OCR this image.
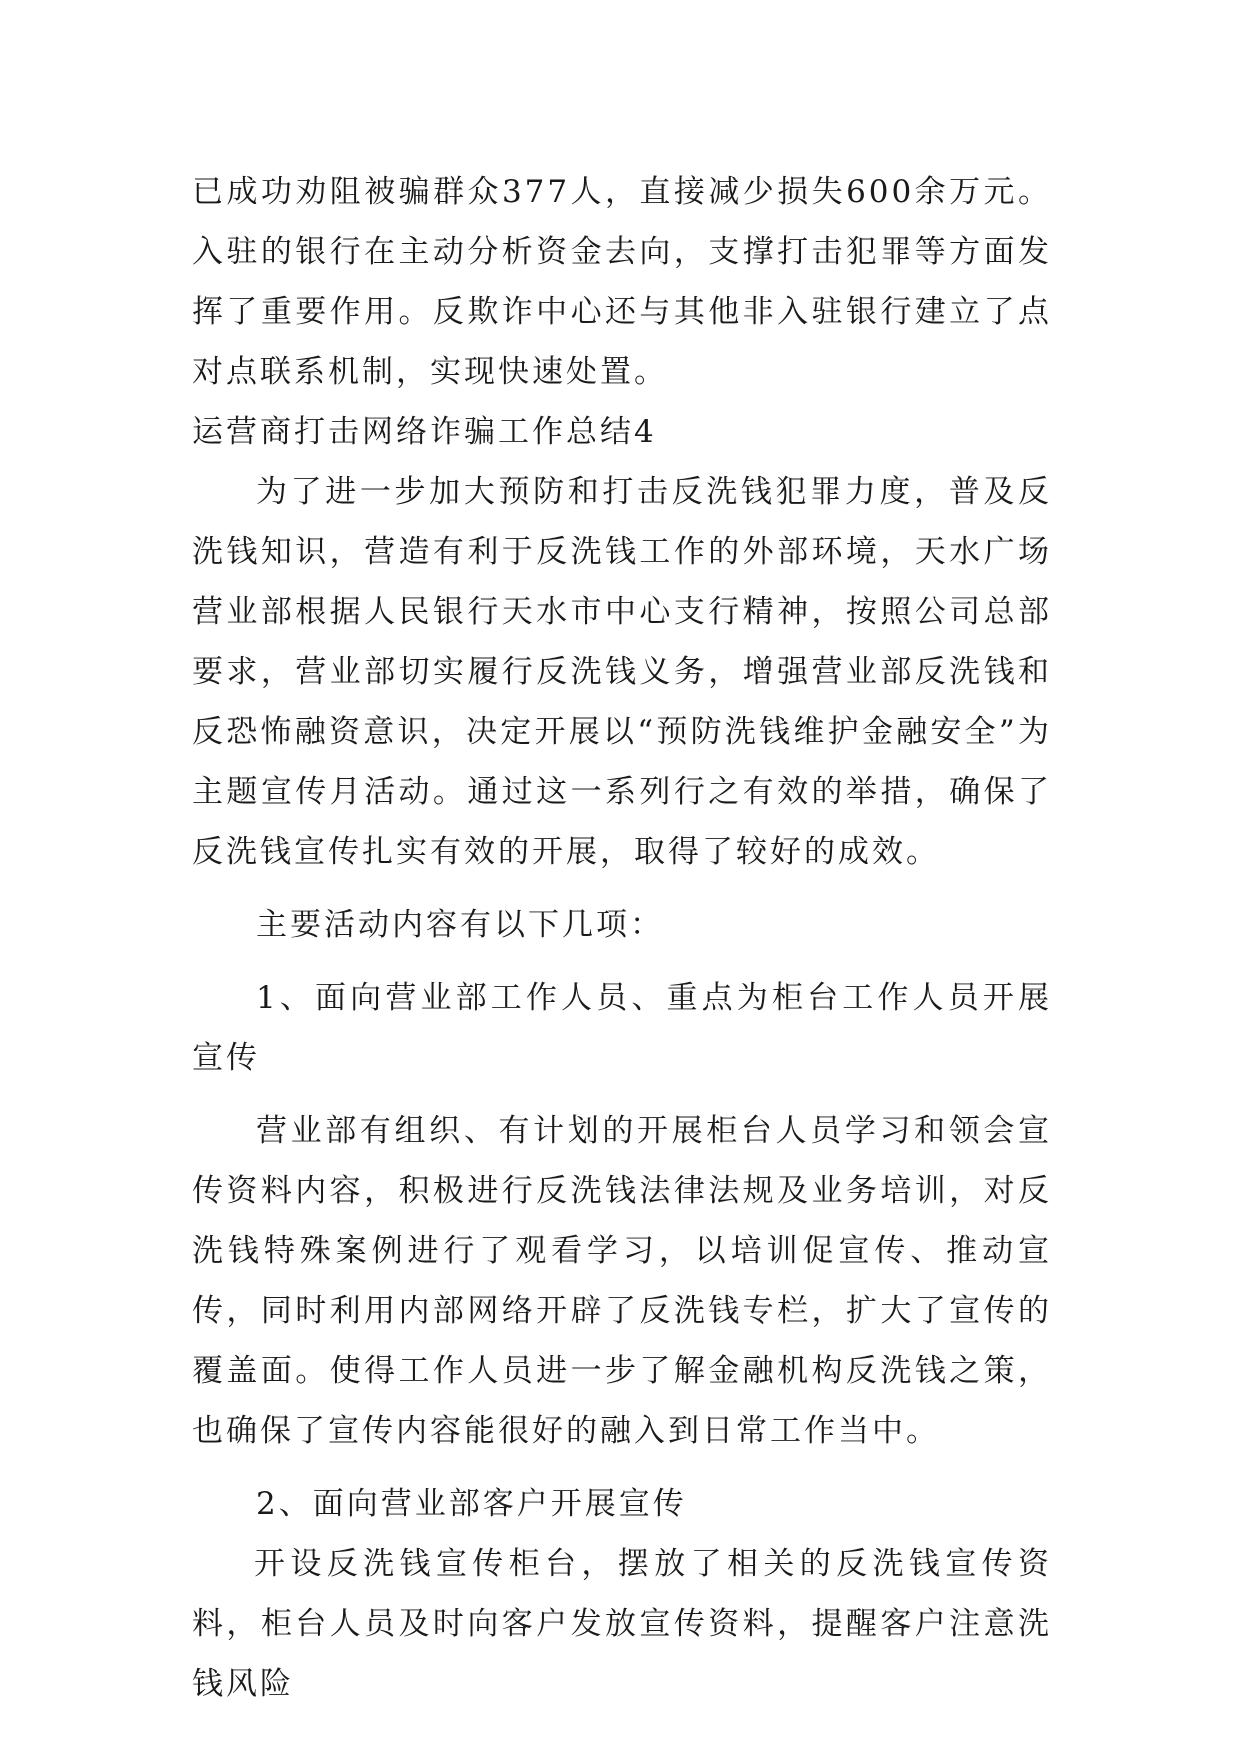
已成功劝阻被骗群众377人，直接减少损失600余万元。入驻的银行在主动分析资金去向，支撑打击犯罪等方面发挥了重要作用。反欺诈中心还与其他非入驻银行建立了点对点联系机制，实现快速处置。

运营商打击网络诈骗工作总结4

为了进一步加大预防和打击反洗钱犯罪力度，普及反洗钱知识，营造有利于反洗钱工作的外部环境，天水广场营业部根据人民银行天水市中心支行精神，按照公司总部要求，营业部切实履行反洗钱义务，增强营业部反洗钱和反恐怖融资意识，决定开展以“预防洗钱维护金融安全”为主题宣传月活动。通过这一系列行之有效的举措，确保了反洗钱宣传扎实有效的开展，取得了较好的成效。

主要活动内容有以下几项：

1、面向营业部工作人员、重点为柜台工作人员开展宣传

营业部有组织、有计划的开展柜台人员学习和领会宣传资料内容，积极进行反洗钱法律法规及业务培训，对反洗钱特殊案例进行了观看学习，以培训促宣传、推动宣传，同时利用内部网络开辟了反洗钱专栏，扩大了宣传的覆盖面。使得工作人员进一步了解金融机构反洗钱之策，也确保了宣传内容能很好的融入到日常工作当中。

2、面向营业部客户开展宣传

开设反洗钱宣传柜台，摆放了相关的反洗钱宣传资料，柜台人员及时向客户发放宣传资料，提醒客户注意洗钱风险
